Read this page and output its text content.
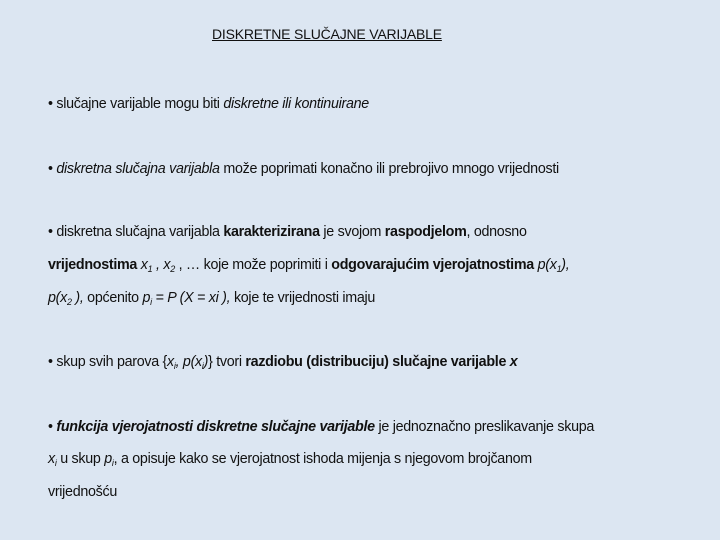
DISKRETNE SLUČAJNE VARIJABLE
• slučajne varijable mogu biti diskretne ili kontinuirane
• diskretna slučajna varijabla može poprimati konačno ili prebrojivo mnogo vrijednosti
• diskretna slučajna varijabla karakterizirana je svojom raspodjelom, odnosno
vrijednostima $x_1$ , $x_2$ , … koje može poprimiti i odgovarajućim vjerojatnostima $p(x_1)$,
$p(x_2$ ), općenito $p_i = P$ (X = xi ), koje te vrijednosti imaju
• skup svih parova {$x_i$, $p(x_i)$} tvori razdiobu (distribuciju) slučajne varijable x
• funkcija vjerojatnosti diskretne slučajne varijable je jednoznačno preslikavanje skupa
$x_i$ u skup $p_i$, a opisuje kako se vjerojatnost ishoda mijenja s njegovom brojčanom
vrijednošću
